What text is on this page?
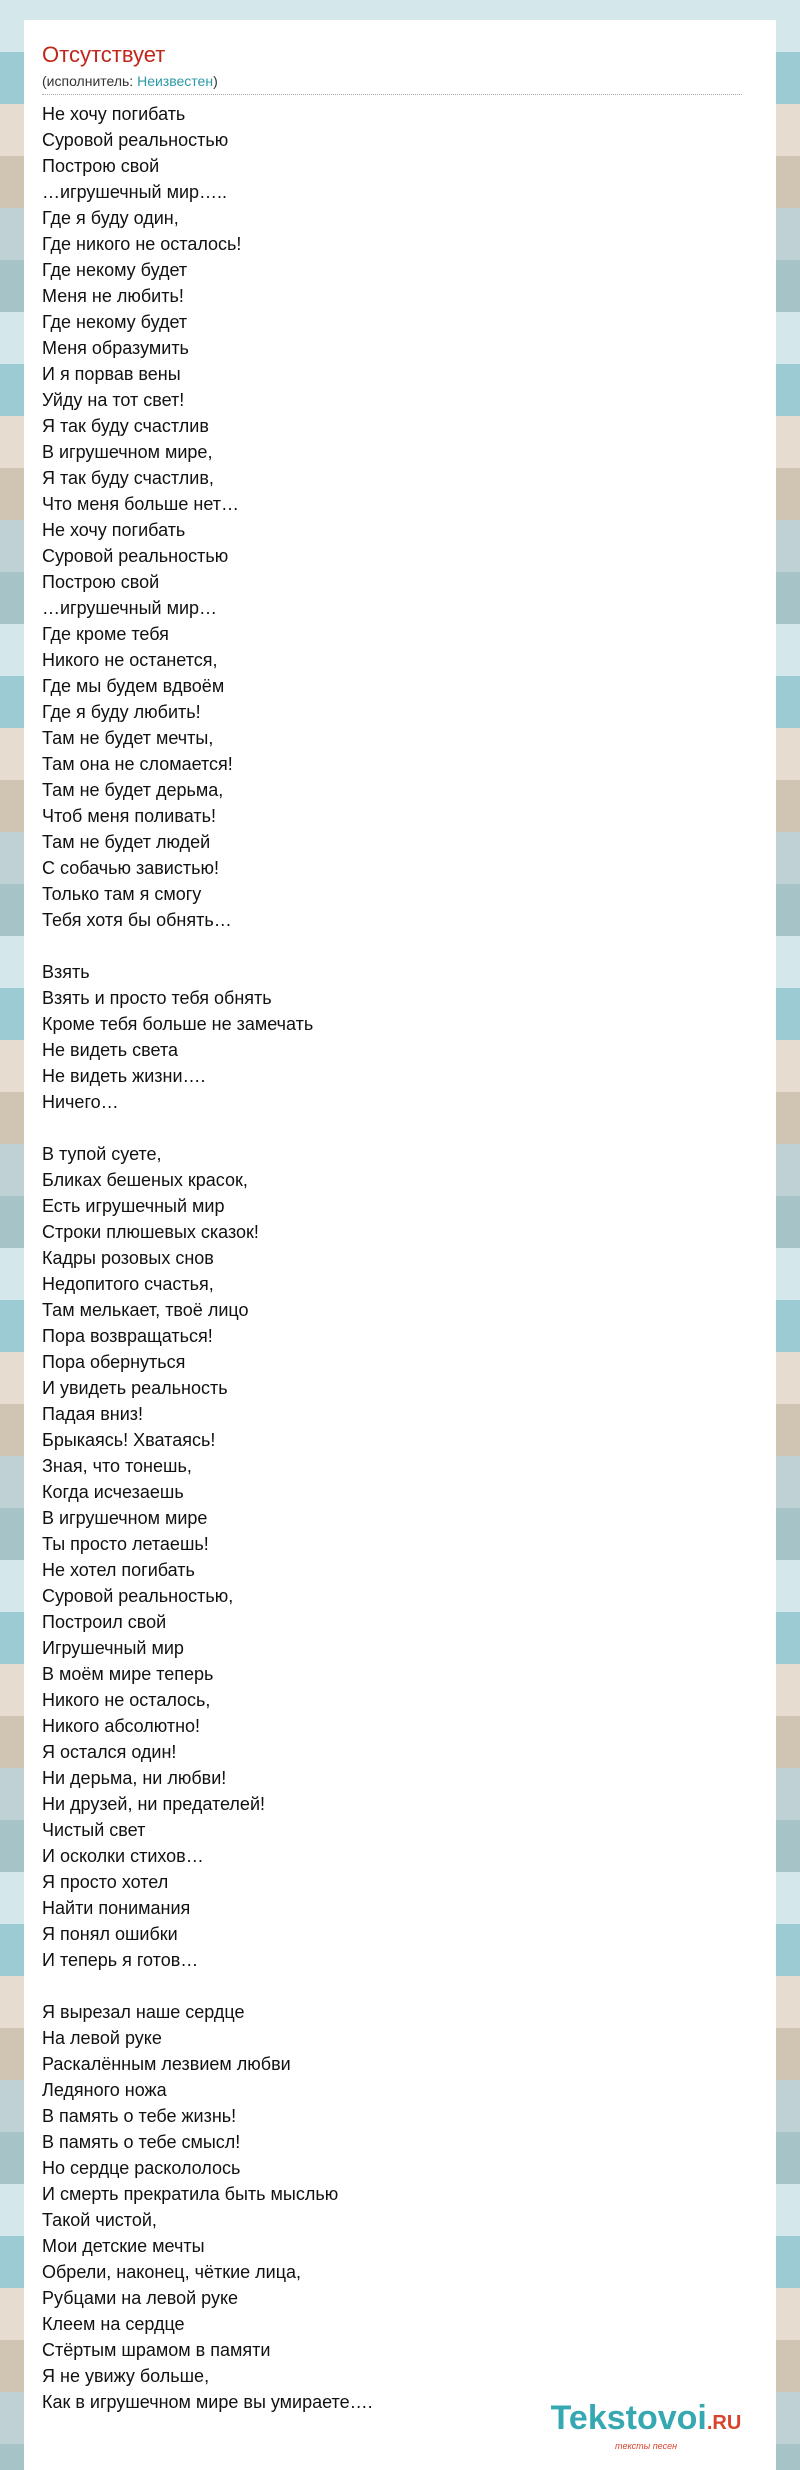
Отсутствует
(исполнитель: Неизвестен)
Не хочу погибать
Суровой реальностью
Построю свой
…игрушечный мир…..
Где я буду один,
Где никого не осталось!
Где некому будет
Меня не любить!
Где некому будет
Меня образумить
И я порвав вены
Уйду на тот свет!
Я так буду счастлив
В игрушечном мире,
Я так буду счастлив,
Что меня больше нет…
Не хочу погибать
Суровой реальностью
Построю свой
…игрушечный мир…
Где кроме тебя
Никого не останется,
Где мы будем вдвоём
Где я буду любить!
Там не будет мечты,
Там она не сломается!
Там не будет дерьма,
Чтоб меня поливать!
Там не будет людей
С собачью завистью!
Только там я смогу
Тебя хотя бы обнять…
Взять
Взять и просто тебя обнять
Кроме тебя больше не замечать
Не видеть света
Не видеть жизни….
Ничего…
В тупой суете,
Бликах бешеных красок,
Есть игрушечный мир
Строки плюшевых сказок!
Кадры розовых снов
Недопитого счастья,
Там мелькает, твоё лицо
Пора возвращаться!
Пора обернуться
И увидеть реальность
Падая вниз!
Брыкаясь! Хватаясь!
Зная, что тонешь,
Когда исчезаешь
В игрушечном мире
Ты просто летаешь!
Не хотел погибать
Суровой реальностью,
Построил свой
Игрушечный мир
В моём мире теперь
Никого не осталось,
Никого абсолютно!
Я остался один!
Ни дерьма, ни любви!
Ни друзей, ни предателей!
Чистый свет
И осколки стихов…
Я просто хотел
Найти понимания
Я понял ошибки
И теперь я готов…
Я вырезал наше сердце
На левой руке
Раскалённым лезвием любви
Ледяного ножа
В память о тебе жизнь!
В память о тебе смысл!
Но сердце раскололось
И смерть прекратила быть мыслью
Такой чистой,
Мои детские мечты
Обрели, наконец, чёткие лица,
Рубцами на левой руке
Клеем на сердце
Стёртым шрамом в памяти
Я не увижу больше,
Как в игрушечном мире вы умираете….	Tekstovoi.RU
тексты песен
